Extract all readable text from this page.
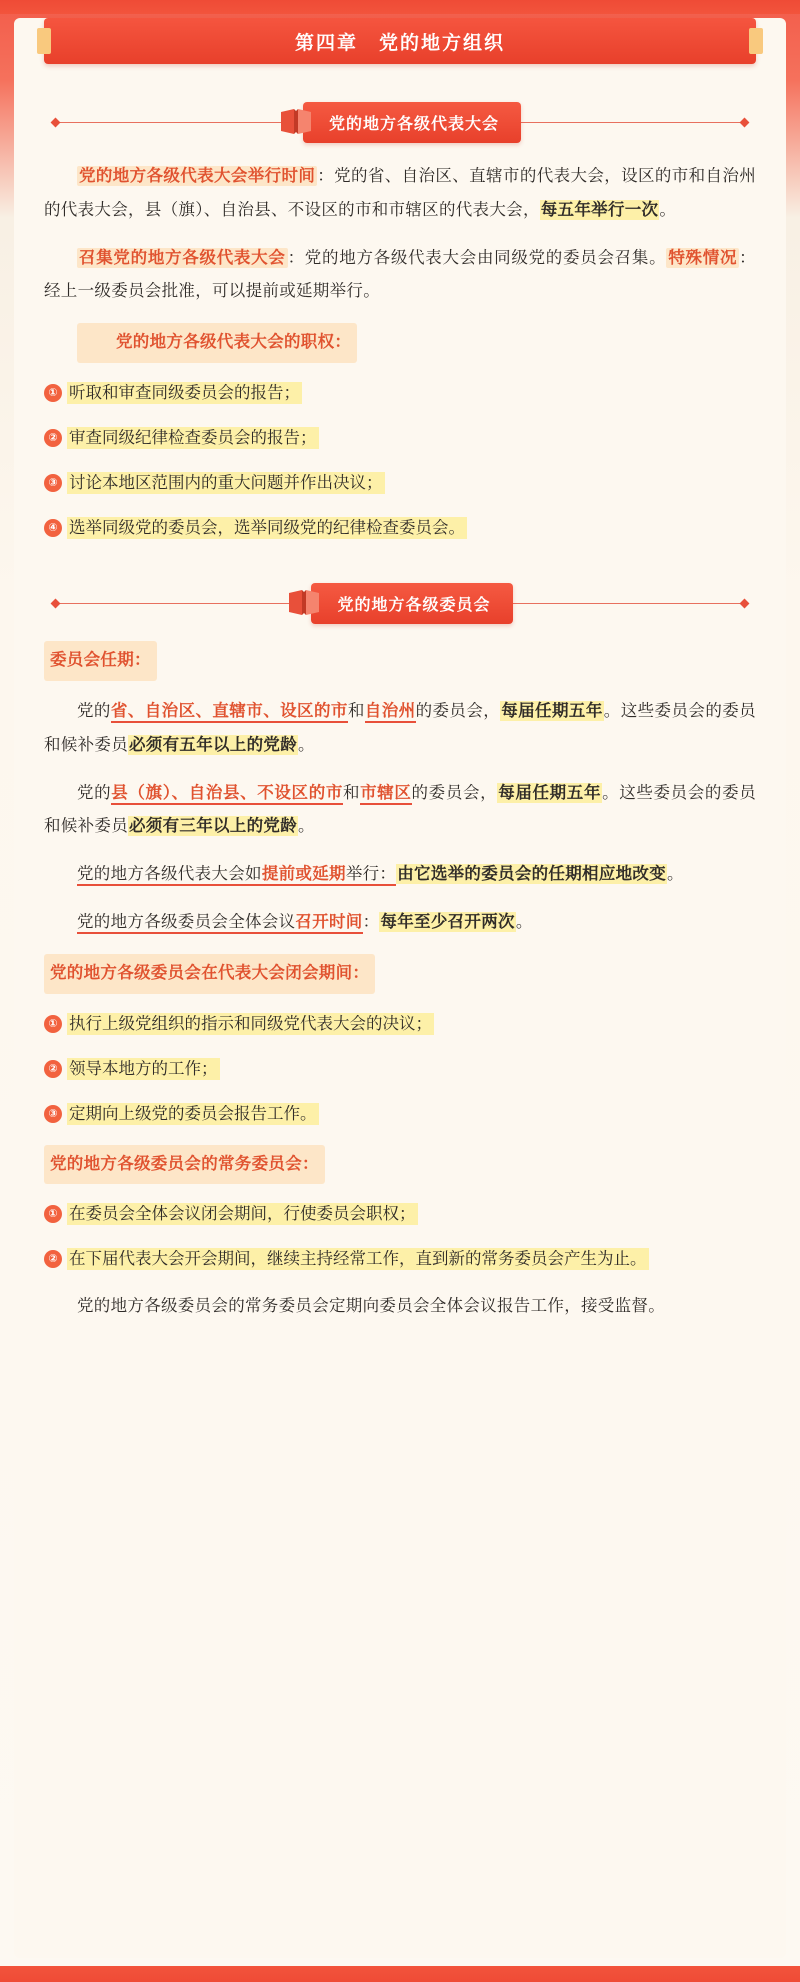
第四章　党的地方组织
党的地方各级代表大会

党的地方各级代表大会举行时间 ：党的省、自治区、直辖市的代表大会，设区的市和自治州的代表大会，县（旗）、自治县、不设区的市和市辖区的代表大会，每五年举行一次。

召集党的地方各级代表大会 ：党的地方各级代表大会由同级党的委员会召集。 特殊情况 ：经上一级委员会批准，可以提前或延期举行。

党的地方各级代表大会的职权：

① 听取和审查同级委员会的报告；
② 审查同级纪律检查委员会的报告；
③ 讨论本地区范围内的重大问题并作出决议；
④ 选举同级党的委员会，选举同级党的纪律检查委员会。
党的地方各级委员会

委员会任期：

党的省、自治区、直辖市、设区的市和自治州的委员会，每届任期五年。这些委员会的委员和候补委员必须有五年以上的党龄。

党的县（旗）、自治县、不设区的市和市辖区的委员会，每届任期五年。这些委员会的委员和候补委员必须有三年以上的党龄。

党的地方各级代表大会如提前或延期举行：由它选举的委员会的任期相应地改变。

党的地方各级委员会全体会议召开时间：每年至少召开两次。

党的地方各级委员会在代表大会闭会期间：

① 执行上级党组织的指示和同级党代表大会的决议；
② 领导本地方的工作；
③ 定期向上级党的委员会报告工作。

党的地方各级委员会的常务委员会：

① 在委员会全体会议闭会期间，行使委员会职权；
② 在下届代表大会开会期间，继续主持经常工作，直到新的常务委员会产生为止。

党的地方各级委员会的常务委员会定期向委员会全体会议报告工作，接受监督。
